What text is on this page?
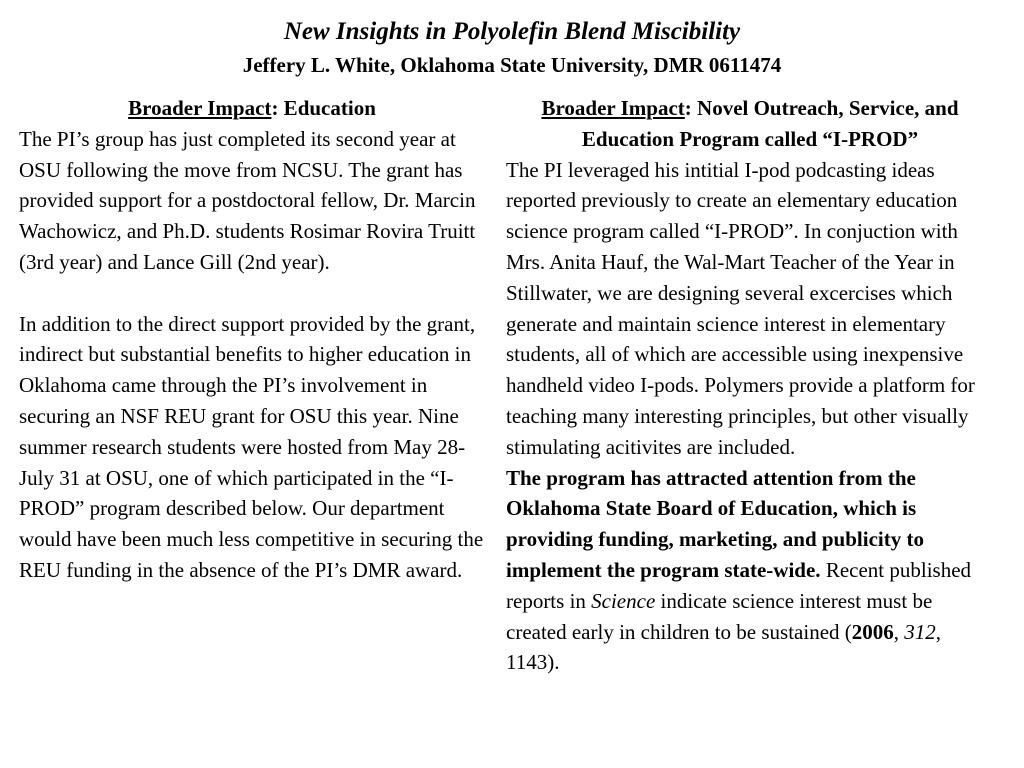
New Insights in Polyolefin Blend Miscibility
Jeffery L. White, Oklahoma State University, DMR 0611474
Broader Impact: Education

The PI’s group has just completed its second year at OSU following the move from NCSU. The grant has provided support for a postdoctoral fellow, Dr. Marcin Wachowicz, and Ph.D. students Rosimar Rovira Truitt (3rd year) and Lance Gill (2nd year).

In addition to the direct support provided by the grant, indirect but substantial benefits to higher education in Oklahoma came through the PI’s involvement in securing an NSF REU grant for OSU this year. Nine summer research students were hosted from May 28-July 31 at OSU, one of which participated in the “I-PROD” program described below. Our department would have been much less competitive in securing the REU funding in the absence of the PI’s DMR award.

Broader Impact: Novel Outreach, Service, and Education Program called “I-PROD”

The PI leveraged his intitial I-pod podcasting ideas reported previously to create an elementary education science program called “I-PROD”. In conjuction with Mrs. Anita Hauf, the Wal-Mart Teacher of the Year in Stillwater, we are designing several excercises which generate and maintain science interest in elementary students, all of which are accessible using inexpensive handheld video I-pods. Polymers provide a platform for teaching many interesting principles, but other visually stimulating acitivites are included.

The program has attracted attention from the Oklahoma State Board of Education, which is providing funding, marketing, and publicity to implement the program state-wide. Recent published reports in Science indicate science interest must be created early in children to be sustained (2006, 312, 1143).
